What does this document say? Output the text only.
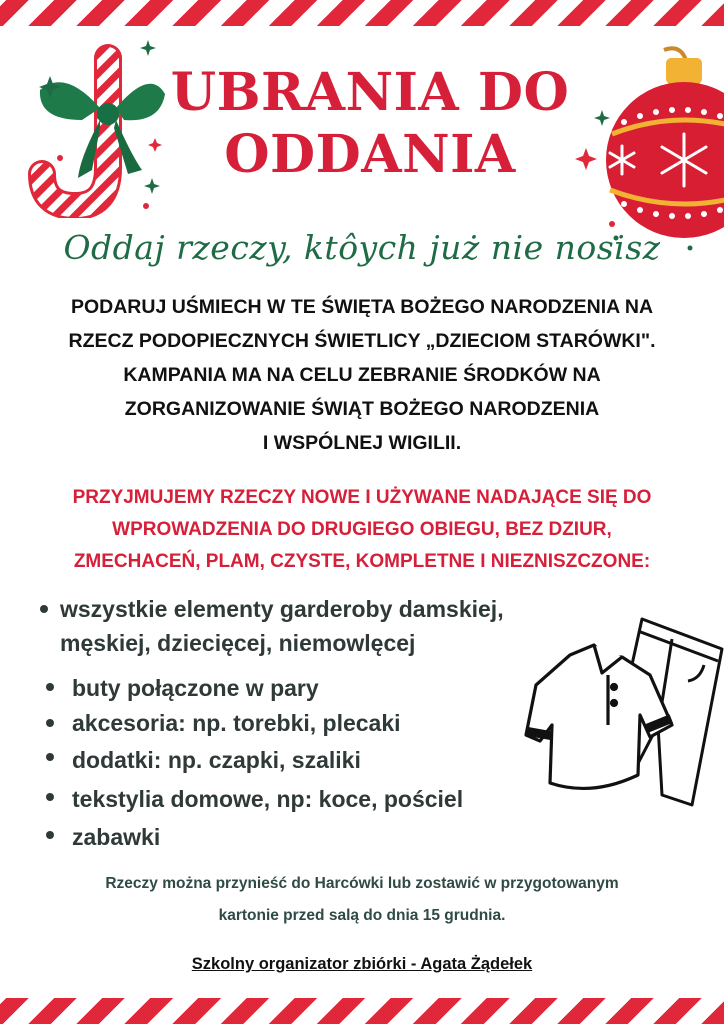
UBRANIA DO
ODDANIA
Oddaj rzeczy, ktôych już nie nosisz
PODARUJ UŚMIECH W TE ŚWIĘTA BOŻEGO NARODZENIA NA
RZECZ PODOPIECZNYCH ŚWIETLICY „DZIECIOM STARÓWKI".
KAMPANIA MA NA CELU ZEBRANIE ŚRODKÓW NA
ZORGANIZOWANIE ŚWIĄT BOŻEGO NARODZENIA
I WSPÓLNEJ WIGILII.
PRZYJMUJEMY RZECZY NOWE I UŻYWANE NADAJĄCE SIĘ DO
WPROWADZENIA DO DRUGIEGO OBIEGU, BEZ DZIUR,
ZMECHACEŃ, PLAM, CZYSTE, KOMPLETNE I NIEZNISZCZONE:
wszystkie elementy garderoby damskiej,
męskiej, dziecięcej, niemowlęcej
buty połączone w pary
akcesoria: np. torebki, plecaki
dodatki: np. czapki, szaliki
tekstylia domowe, np: koce, pościel
zabawki
Rzeczy można przynieść do Harcówki lub zostawić w przygotowanym
kartonie przed salą do dnia 15 grudnia.
Szkolny organizator zbiórki - Agata Żądełek
